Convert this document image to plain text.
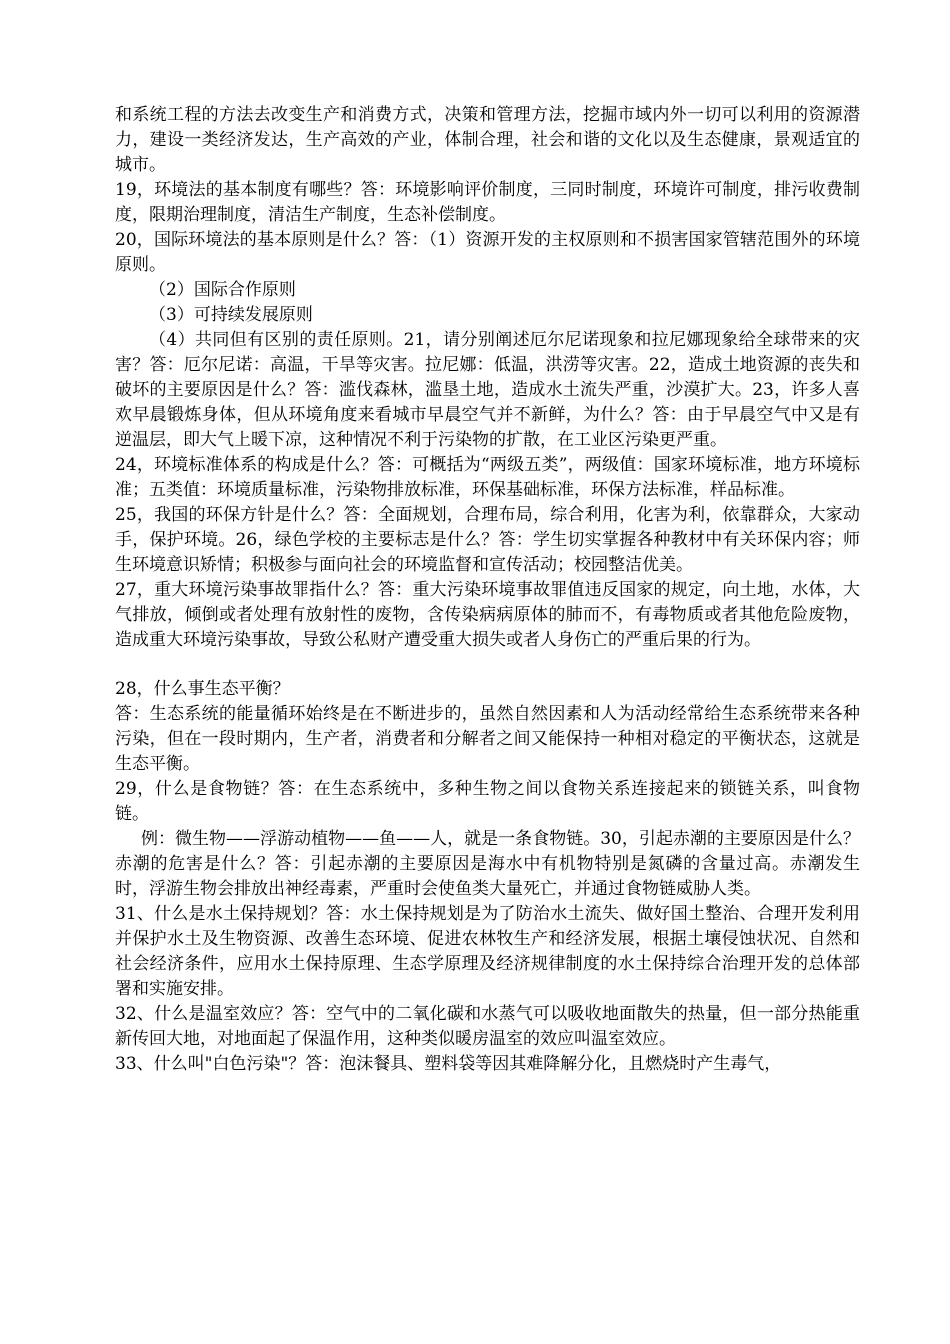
和系统工程的方法去改变生产和消费方式，决策和管理方法，挖掘市域内外一切可以利用的资源潜力，建设一类经济发达，生产高效的产业，体制合理，社会和谐的文化以及生态健康，景观适宜的城市。

19，环境法的基本制度有哪些？答：环境影响评价制度，三同时制度，环境许可制度，排污收费制度，限期治理制度，清洁生产制度，生态补偿制度。

20，国际环境法的基本原则是什么？答：（1）资源开发的主权原则和不损害国家管辖范围外的环境原则。

（2）国际合作原则

（3）可持续发展原则

（4）共同但有区别的责任原则。21，请分别阐述厄尔尼诺现象和拉尼娜现象给全球带来的灾害？答：厄尔尼诺：高温，干旱等灾害。拉尼娜：低温，洪涝等灾害。22，造成土地资源的丧失和破坏的主要原因是什么？答：滥伐森林，滥垦土地，造成水土流失严重，沙漠扩大。23，许多人喜欢早晨锻炼身体，但从环境角度来看城市早晨空气并不新鲜，为什么？答：由于早晨空气中又是有逆温层，即大气上暖下凉，这种情况不利于污染物的扩散，在工业区污染更严重。

24，环境标准体系的构成是什么？答：可概括为“两级五类”，两级值：国家环境标准，地方环境标准；五类值：环境质量标准，污染物排放标准，环保基础标准，环保方法标准，样品标准。

25，我国的环保方针是什么？答：全面规划，合理布局，综合利用，化害为利，依靠群众，大家动手，保护环境。26，绿色学校的主要标志是什么？答：学生切实掌握各种教材中有关环保内容；师生环境意识矫情；积极参与面向社会的环境监督和宣传活动；校园整洁优美。

27，重大环境污染事故罪指什么？答：重大污染环境事故罪值违反国家的规定，向土地，水体，大气排放，倾倒或者处理有放射性的废物，含传染病病原体的肺而不，有毒物质或者其他危险废物，造成重大环境污染事故，导致公私财产遭受重大损失或者人身伤亡的严重后果的行为。

28，什么事生态平衡？

答：生态系统的能量循环始终是在不断进步的，虽然自然因素和人为活动经常给生态系统带来各种污染，但在一段时期内，生产者，消费者和分解者之间又能保持一种相对稳定的平衡状态，这就是生态平衡。

29，什么是食物链？答：在生态系统中，多种生物之间以食物关系连接起来的锁链关系，叫食物链。

例：微生物——浮游动植物——鱼——人，就是一条食物链。30，引起赤潮的主要原因是什么？赤潮的危害是什么？答：引起赤潮的主要原因是海水中有机物特别是氮磷的含量过高。赤潮发生时，浮游生物会排放出神经毒素，严重时会使鱼类大量死亡，并通过食物链威胁人类。

31、什么是水土保持规划？答：水土保持规划是为了防治水土流失、做好国土整治、合理开发利用并保护水土及生物资源、改善生态环境、促进农林牧生产和经济发展，根据土壤侵蚀状况、自然和社会经济条件，应用水土保持原理、生态学原理及经济规律制度的水土保持综合治理开发的总体部署和实施安排。

32、什么是温室效应？答：空气中的二氧化碳和水蒸气可以吸收地面散失的热量，但一部分热能重新传回大地，对地面起了保温作用，这种类似暖房温室的效应叫温室效应。

33、什么叫"白色污染"？答：泡沫餐具、塑料袋等因其难降解分化，且燃烧时产生毒气，
